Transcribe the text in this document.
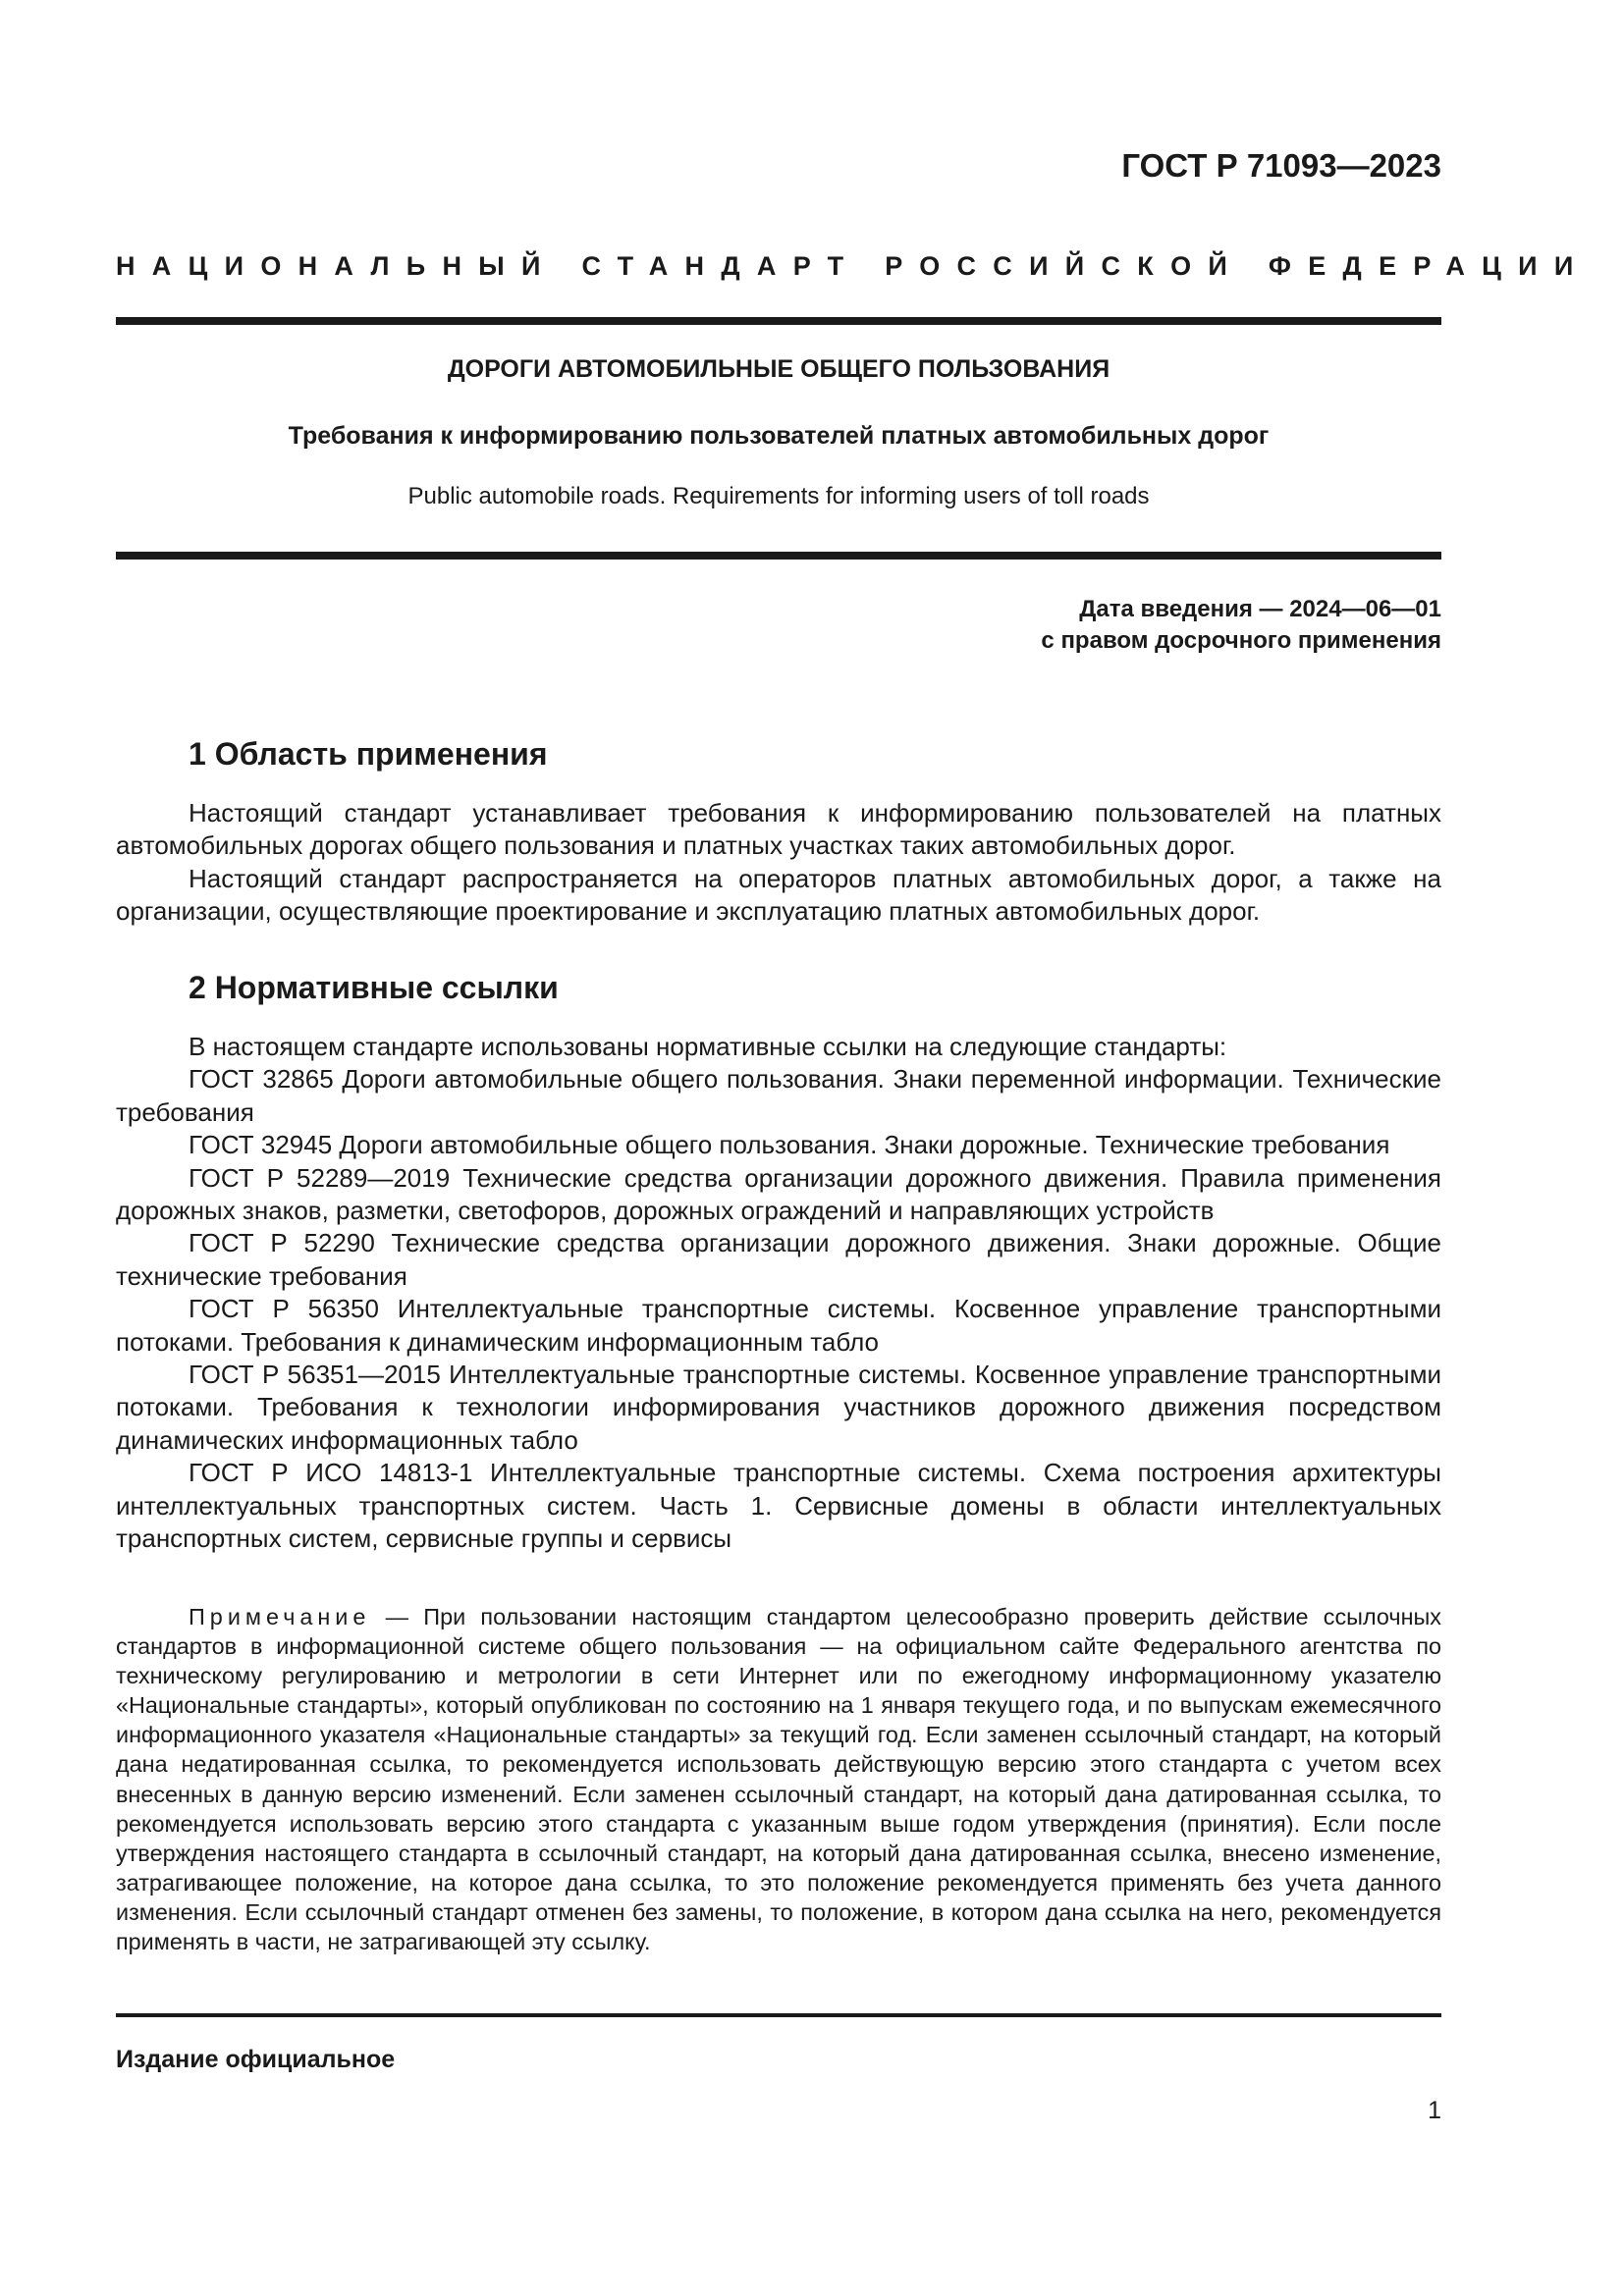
ГОСТ Р 71093—2023
НАЦИОНАЛЬНЫЙ СТАНДАРТ РОССИЙСКОЙ ФЕДЕРАЦИИ
ДОРОГИ АВТОМОБИЛЬНЫЕ ОБЩЕГО ПОЛЬЗОВАНИЯ
Требования к информированию пользователей платных автомобильных дорог
Public automobile roads. Requirements for informing users of toll roads
Дата введения — 2024—06—01
с правом досрочного применения
1 Область применения

Настоящий стандарт устанавливает требования к информированию пользователей на платных автомобильных дорогах общего пользования и платных участках таких автомобильных дорог.

Настоящий стандарт распространяется на операторов платных автомобильных дорог, а также на организации, осуществляющие проектирование и эксплуатацию платных автомобильных дорог.

2 Нормативные ссылки

В настоящем стандарте использованы нормативные ссылки на следующие стандарты:

ГОСТ 32865 Дороги автомобильные общего пользования. Знаки переменной информации. Технические требования

ГОСТ 32945 Дороги автомобильные общего пользования. Знаки дорожные. Технические требования

ГОСТ Р 52289—2019 Технические средства организации дорожного движения. Правила применения дорожных знаков, разметки, светофоров, дорожных ограждений и направляющих устройств

ГОСТ Р 52290 Технические средства организации дорожного движения. Знаки дорожные. Общие технические требования

ГОСТ Р 56350 Интеллектуальные транспортные системы. Косвенное управление транспортными потоками. Требования к динамическим информационным табло

ГОСТ Р 56351—2015 Интеллектуальные транспортные системы. Косвенное управление транспортными потоками. Требования к технологии информирования участников дорожного движения посредством динамических информационных табло

ГОСТ Р ИСО 14813-1 Интеллектуальные транспортные системы. Схема построения архитектуры интеллектуальных транспортных систем. Часть 1. Сервисные домены в области интеллектуальных транспортных систем, сервисные группы и сервисы

Примечание — При пользовании настоящим стандартом целесообразно проверить действие ссылочных стандартов в информационной системе общего пользования — на официальном сайте Федерального агентства по техническому регулированию и метрологии в сети Интернет или по ежегодному информационному указателю «Национальные стандарты», который опубликован по состоянию на 1 января текущего года, и по выпускам ежемесячного информационного указателя «Национальные стандарты» за текущий год. Если заменен ссылочный стандарт, на который дана недатированная ссылка, то рекомендуется использовать действующую версию этого стандарта с учетом всех внесенных в данную версию изменений. Если заменен ссылочный стандарт, на который дана датированная ссылка, то рекомендуется использовать версию этого стандарта с указанным выше годом утверждения (принятия). Если после утверждения настоящего стандарта в ссылочный стандарт, на который дана датированная ссылка, внесено изменение, затрагивающее положение, на которое дана ссылка, то это положение рекомендуется применять без учета данного изменения. Если ссылочный стандарт отменен без замены, то положение, в котором дана ссылка на него, рекомендуется применять в части, не затрагивающей эту ссылку.

Издание официальное
1
